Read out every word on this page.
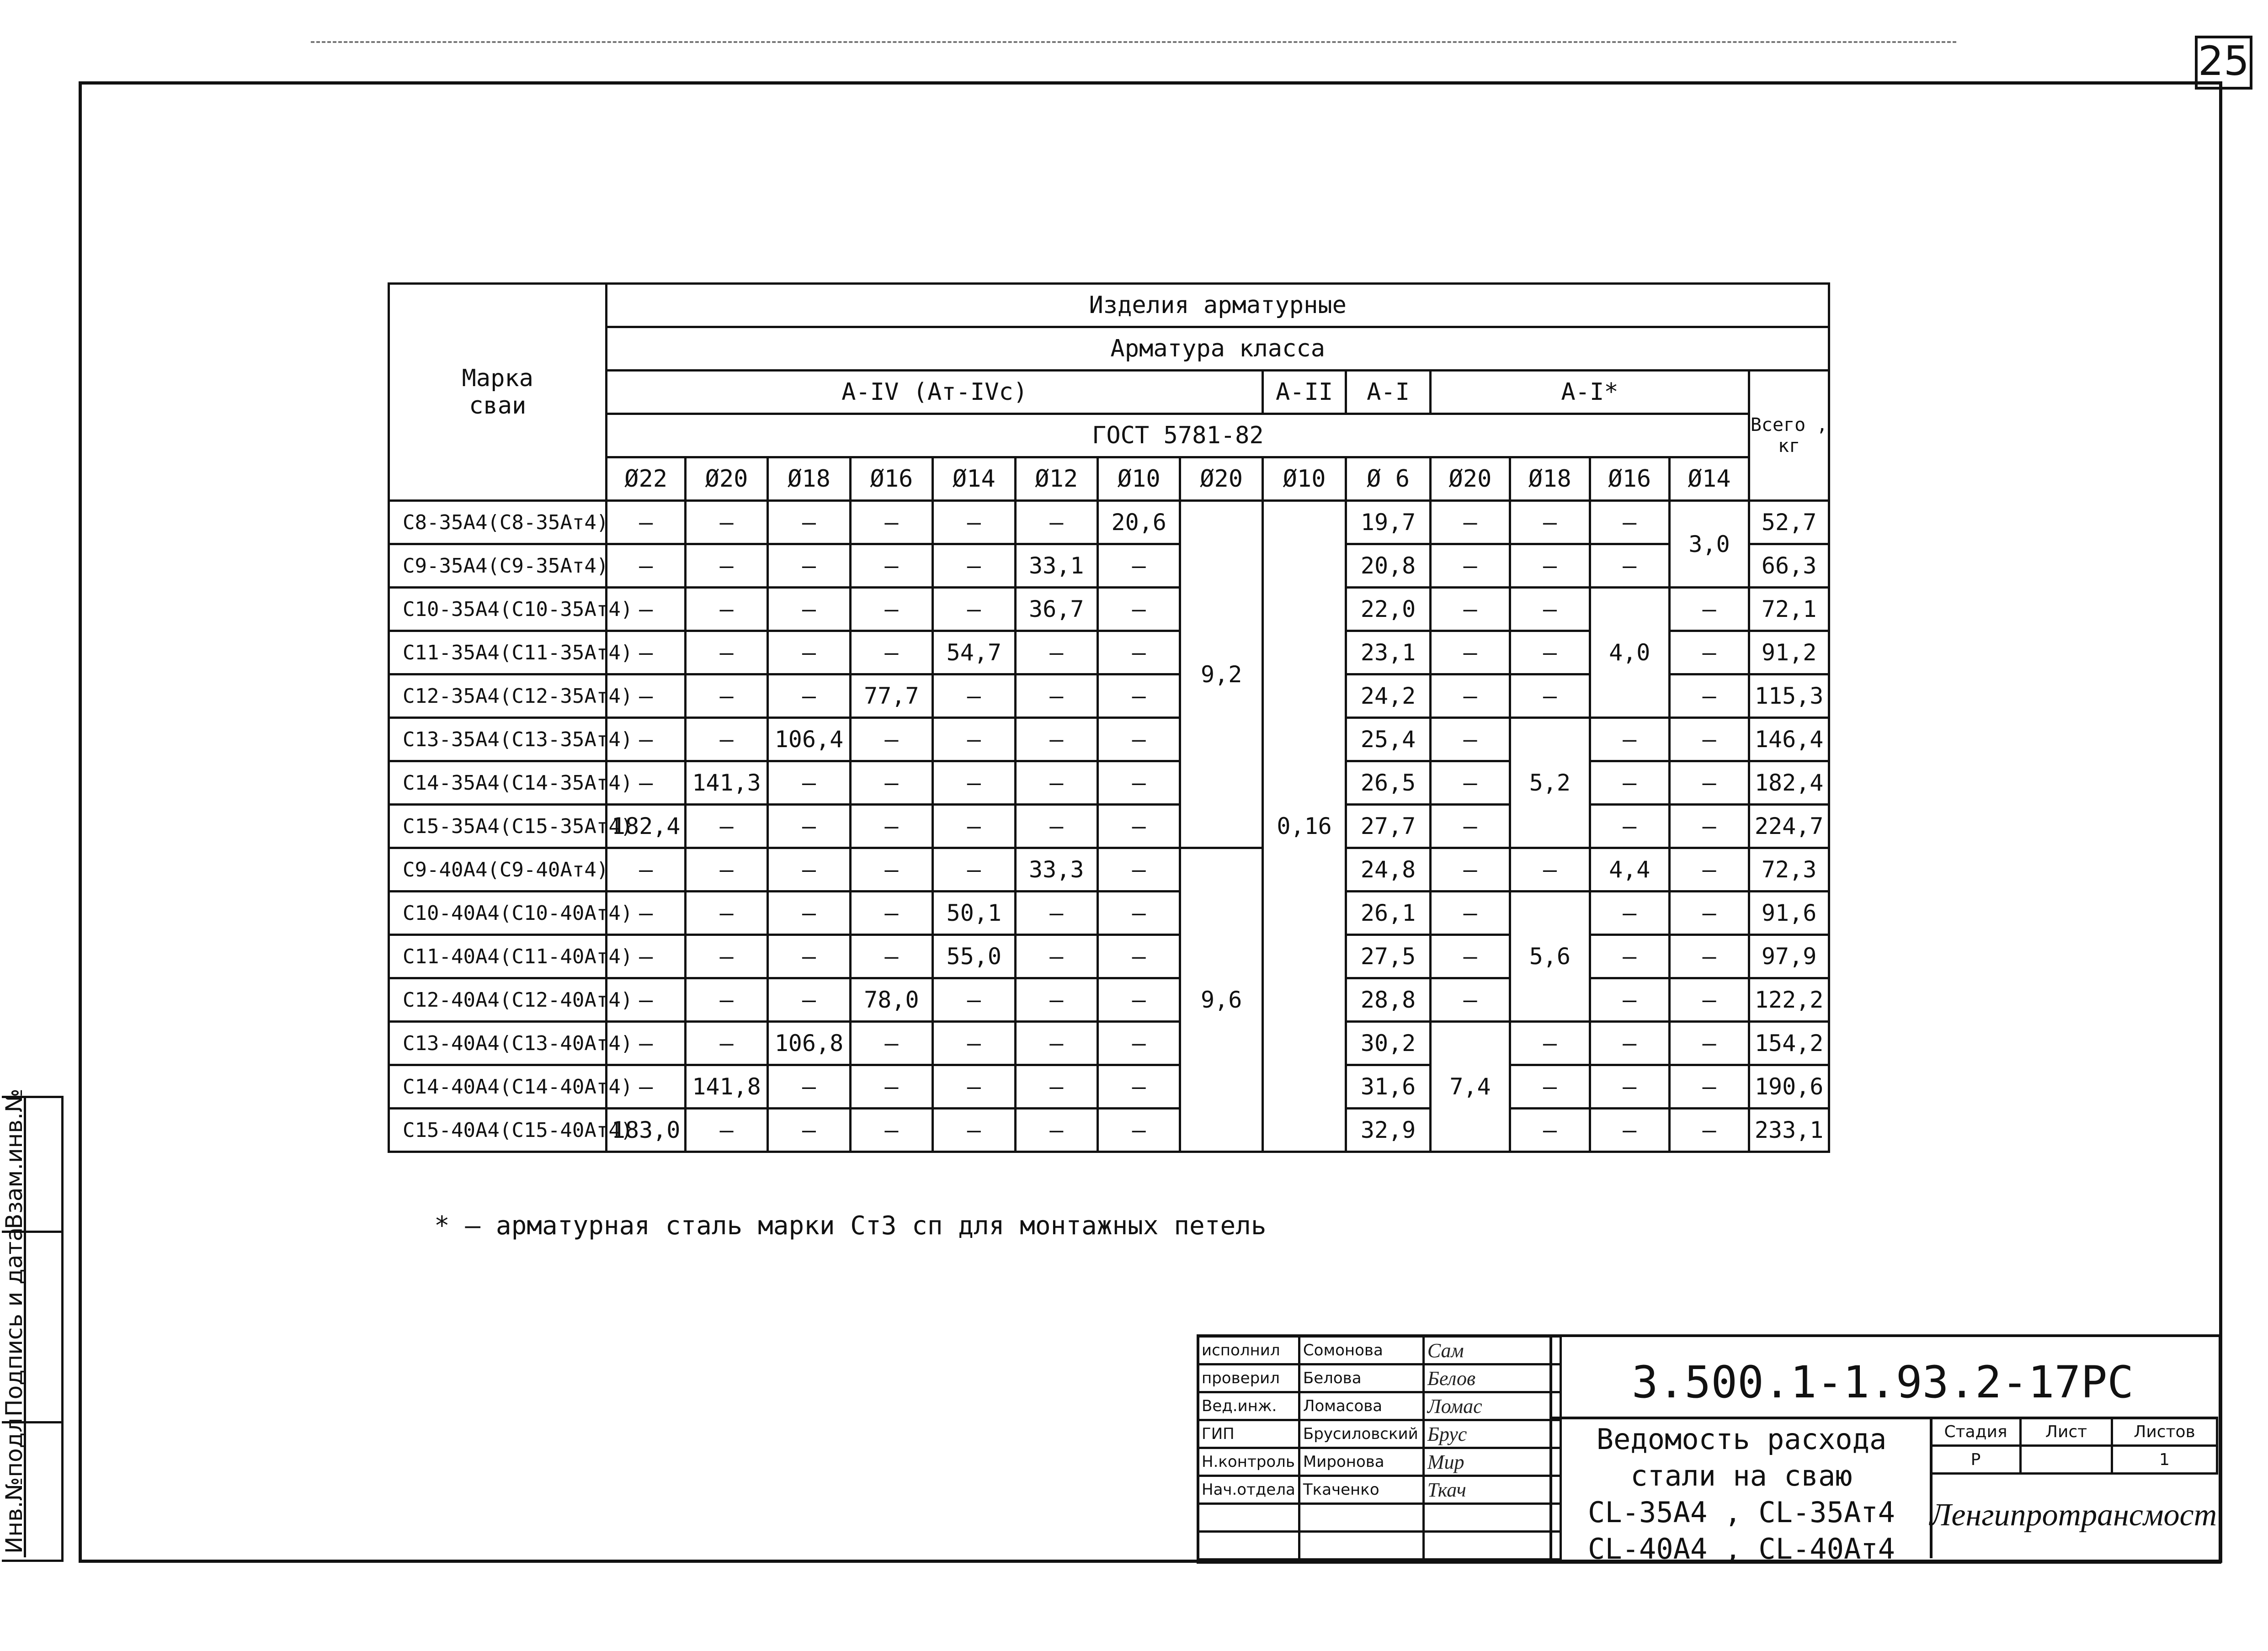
25
Инв.№подлПодпись и датаВзам.инв.№
Марка
сваи	Изделия арматурные														
	Арматура класса														
	А-IV (Ат-IVс)								А-II	А-I	А-I*				Всего ,
кг

	ГОСТ 5781-82														
	Ø22	Ø20	Ø18	Ø16	Ø14	Ø12	Ø10	Ø20	Ø10	Ø 6	Ø20	Ø18	Ø16	Ø14	
С8-35А4(С8-35Ат4)	–	–	–	–	–	–	20,6	9,2	0,16	19,7	–	–	–	3,0	52,7
С9-35А4(С9-35Ат4)	–	–	–	–	–	33,1	–			20,8	–	–	–		66,3
С10-35А4(С10-35Ат4)	–	–	–	–	–	36,7	–			22,0	–	–	4,0	–	72,1
С11-35А4(С11-35Ат4)	–	–	–	–	54,7	–	–			23,1	–	–		–	91,2
С12-35А4(С12-35Ат4)	–	–	–	77,7	–	–	–			24,2	–	–		–	115,3
С13-35А4(С13-35Ат4)	–	–	106,4	–	–	–	–			25,4	–	5,2	–	–	146,4
С14-35А4(С14-35Ат4)	–	141,3	–	–	–	–	–			26,5	–		–	–	182,4
С15-35А4(С15-35Ат4)	182,4	–	–	–	–	–	–			27,7	–		–	–	224,7
С9-40А4(С9-40Ат4)	–	–	–	–	–	33,3	–	9,6		24,8	–	–	4,4	–	72,3
С10-40А4(С10-40Ат4)	–	–	–	–	50,1	–	–			26,1	–	5,6	–	–	91,6
С11-40А4(С11-40Ат4)	–	–	–	–	55,0	–	–			27,5	–		–	–	97,9
С12-40А4(С12-40Ат4)	–	–	–	78,0	–	–	–			28,8	–		–	–	122,2
С13-40А4(С13-40Ат4)	–	–	106,8	–	–	–	–			30,2	7,4	–	–	–	154,2
С14-40А4(С14-40Ат4)	–	141,8	–	–	–	–	–			31,6		–	–	–	190,6
С15-40А4(С15-40Ат4)	183,0	–	–	–	–	–	–			32,9		–	–	–	233,1
* – арматурная сталь марки Ст3 сп для монтажных петель
исполнил	Сомонова	Сам
проверил	Белова	Белов
Вед.инж.	Ломасова	Ломас
ГИП	Брусиловский	Брус
Н.контроль	Миронова	Мир
Нач.отдела	Ткаченко	Ткач

3.500.1-1.93.2-17РС
Ведомость расхода
стали на сваю
СL-35А4 , СL-35Ат4
СL-40А4 , СL-40Ат4
Стадия	Лист	Листов
Р		1
Ленгипротрансмост
